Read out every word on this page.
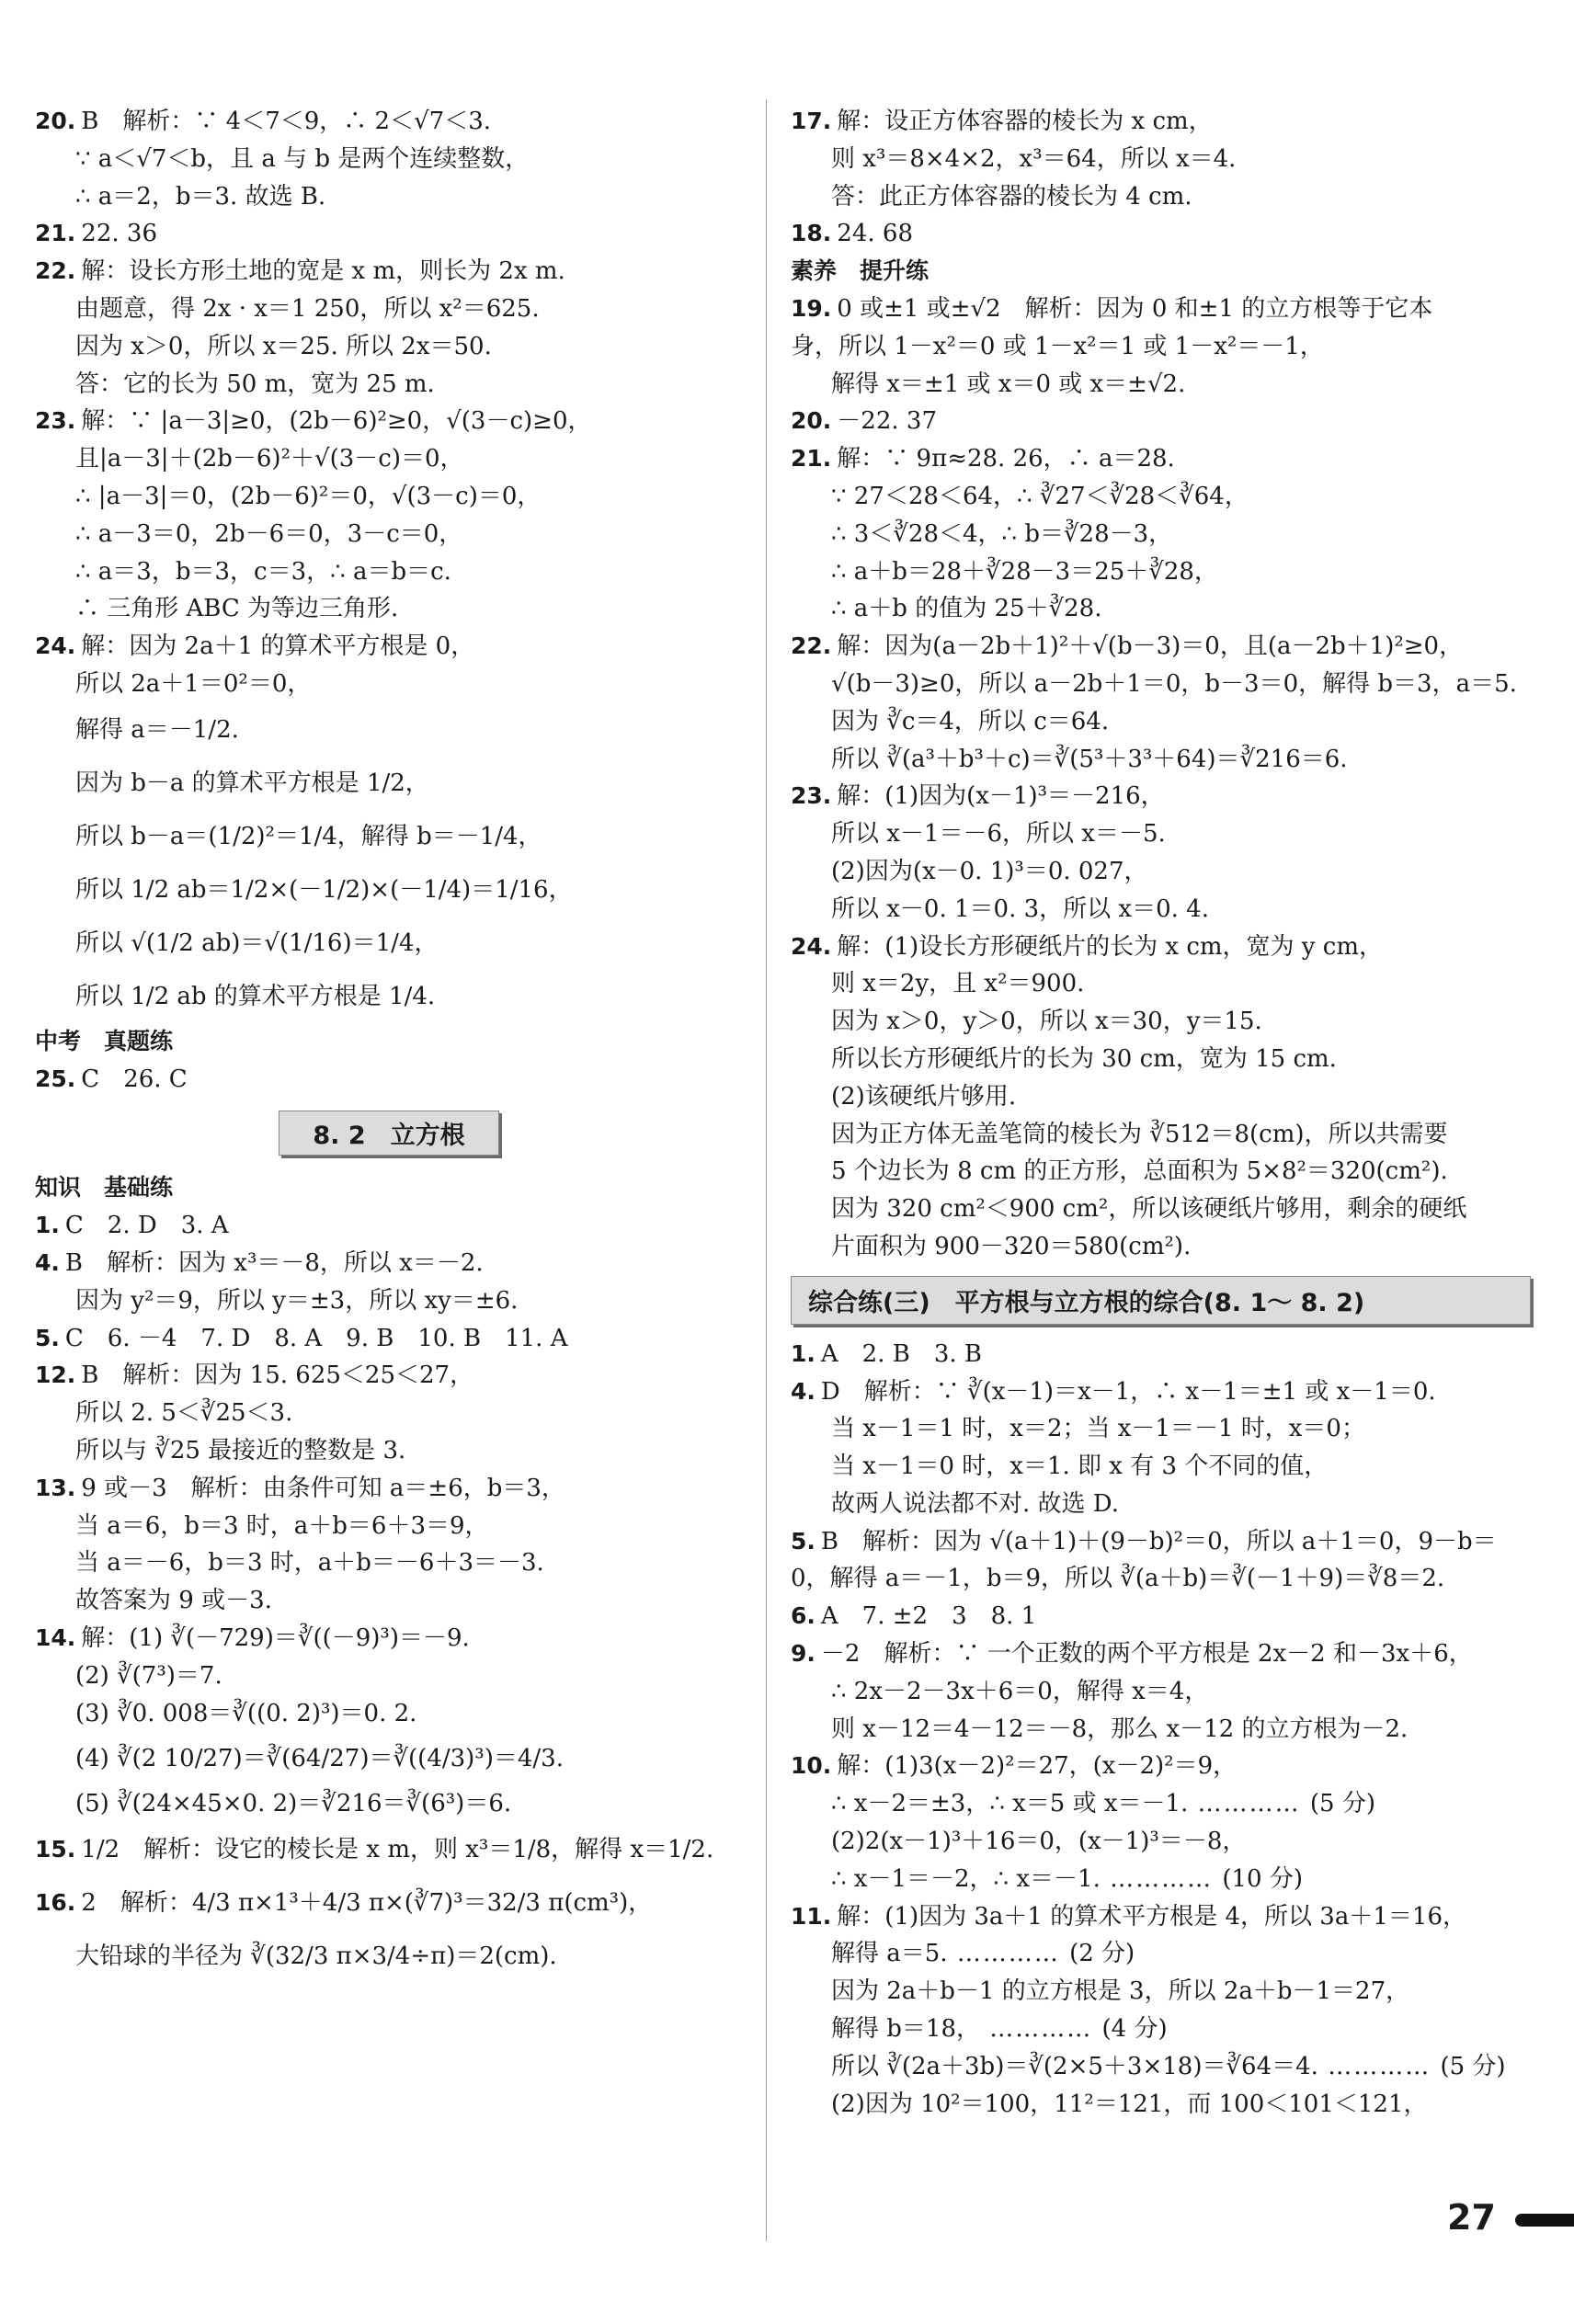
20. B　解析：∵ 4＜7＜9，∴ 2＜√7＜3.
∵ a＜√7＜b，且 a 与 b 是两个连续整数，
∴ a＝2，b＝3. 故选 B.
21. 22. 36
22. 解：设长方形土地的宽是 x m，则长为 2x m.
由题意，得 2x · x＝1 250，所以 x²＝625.
因为 x＞0，所以 x＝25. 所以 2x＝50.
答：它的长为 50 m，宽为 25 m.
23. 解：∵ |a－3|≥0，(2b－6)²≥0，√(3－c)≥0，
且|a－3|＋(2b－6)²＋√(3－c)＝0，
∴ |a－3|＝0，(2b－6)²＝0，√(3－c)＝0，
∴ a－3＝0，2b－6＝0，3－c＝0，
∴ a＝3，b＝3，c＝3，∴ a＝b＝c.
∴ 三角形 ABC 为等边三角形.
24. 解：因为 2a＋1 的算术平方根是 0，
所以 2a＋1＝0²＝0，
解得 a＝－1/2.
因为 b－a 的算术平方根是 1/2，
所以 b－a＝(1/2)²＝1/4，解得 b＝－1/4，
所以 1/2 ab＝1/2×(－1/2)×(－1/4)＝1/16，
所以 √(1/2 ab)＝√(1/16)＝1/4，
所以 1/2 ab 的算术平方根是 1/4.
中考　真题练
25. C　26. C
8. 2　立方根
知识　基础练
1. C　2. D　3. A
4. B　解析：因为 x³＝－8，所以 x＝－2.
因为 y²＝9，所以 y＝±3，所以 xy＝±6.
5. C　6. －4　7. D　8. A　9. B　10. B　11. A
12. B　解析：因为 15. 625＜25＜27，
所以 2. 5＜∛25＜3.
所以与 ∛25 最接近的整数是 3.
13. 9 或－3　解析：由条件可知 a＝±6，b＝3，
当 a＝6，b＝3 时，a＋b＝6＋3＝9，
当 a＝－6，b＝3 时，a＋b＝－6＋3＝－3.
故答案为 9 或－3.
14. 解：(1) ∛(－729)＝∛((－9)³)＝－9.
(2) ∛(7³)＝7.
(3) ∛0. 008＝∛((0. 2)³)＝0. 2.
(4) ∛(2 10/27)＝∛(64/27)＝∛((4/3)³)＝4/3.
(5) ∛(24×45×0. 2)＝∛216＝∛(6³)＝6.
15. 1/2　解析：设它的棱长是 x m，则 x³＝1/8，解得 x＝1/2.
16. 2　解析：4/3 π×1³＋4/3 π×(∛7)³＝32/3 π(cm³)，
大铅球的半径为 ∛(32/3 π×3/4÷π)＝2(cm).
17. 解：设正方体容器的棱长为 x cm，
则 x³＝8×4×2，x³＝64，所以 x＝4.
答：此正方体容器的棱长为 4 cm.
18. 24. 68
素养　提升练
19. 0 或±1 或±√2　解析：因为 0 和±1 的立方根等于它本
身，所以 1－x²＝0 或 1－x²＝1 或 1－x²＝－1，
解得 x＝±1 或 x＝0 或 x＝±√2.
20. －22. 37
21. 解：∵ 9π≈28. 26，∴ a＝28.
∵ 27＜28＜64，∴ ∛27＜∛28＜∛64，
∴ 3＜∛28＜4，∴ b＝∛28－3，
∴ a＋b＝28＋∛28－3＝25＋∛28，
∴ a＋b 的值为 25＋∛28.
22. 解：因为(a－2b＋1)²＋√(b－3)＝0，且(a－2b＋1)²≥0，
√(b－3)≥0，所以 a－2b＋1＝0，b－3＝0，解得 b＝3，a＝5.
因为 ∛c＝4，所以 c＝64.
所以 ∛(a³＋b³＋c)＝∛(5³＋3³＋64)＝∛216＝6.
23. 解：(1)因为(x－1)³＝－216，
所以 x－1＝－6，所以 x＝－5.
(2)因为(x－0. 1)³＝0. 027，
所以 x－0. 1＝0. 3，所以 x＝0. 4.
24. 解：(1)设长方形硬纸片的长为 x cm，宽为 y cm，
则 x＝2y，且 x²＝900.
因为 x＞0，y＞0，所以 x＝30，y＝15.
所以长方形硬纸片的长为 30 cm，宽为 15 cm.
(2)该硬纸片够用.
因为正方体无盖笔筒的棱长为 ∛512＝8(cm)，所以共需要
5 个边长为 8 cm 的正方形，总面积为 5×8²＝320(cm²).
因为 320 cm²＜900 cm²，所以该硬纸片够用，剩余的硬纸
片面积为 900－320＝580(cm²).
综合练(三)　平方根与立方根的综合(8. 1～ 8. 2)
1. A　2. B　3. B
4. D　解析：∵ ∛(x－1)＝x－1，∴ x－1＝±1 或 x－1＝0.
当 x－1＝1 时，x＝2；当 x－1＝－1 时，x＝0；
当 x－1＝0 时，x＝1. 即 x 有 3 个不同的值，
故两人说法都不对. 故选 D.
5. B　解析：因为 √(a＋1)＋(9－b)²＝0，所以 a＋1＝0，9－b＝
0，解得 a＝－1，b＝9，所以 ∛(a＋b)＝∛(－1＋9)＝∛8＝2.
6. A　7. ±2　3　8. 1
9. －2　解析：∵ 一个正数的两个平方根是 2x－2 和－3x＋6，
∴ 2x－2－3x＋6＝0，解得 x＝4，
则 x－12＝4－12＝－8，那么 x－12 的立方根为－2.
10. 解：(1)3(x－2)²＝27，(x－2)²＝9，
∴ x－2＝±3，∴ x＝5 或 x＝－1. ………… (5 分)
(2)2(x－1)³＋16＝0，(x－1)³＝－8，
∴ x－1＝－2，∴ x＝－1. ………… (10 分)
11. 解：(1)因为 3a＋1 的算术平方根是 4，所以 3a＋1＝16，
解得 a＝5. ………… (2 分)
因为 2a＋b－1 的立方根是 3，所以 2a＋b－1＝27，
解得 b＝18， ………… (4 分)
所以 ∛(2a＋3b)＝∛(2×5＋3×18)＝∛64＝4. ………… (5 分)
(2)因为 10²＝100，11²＝121，而 100＜101＜121，
27
